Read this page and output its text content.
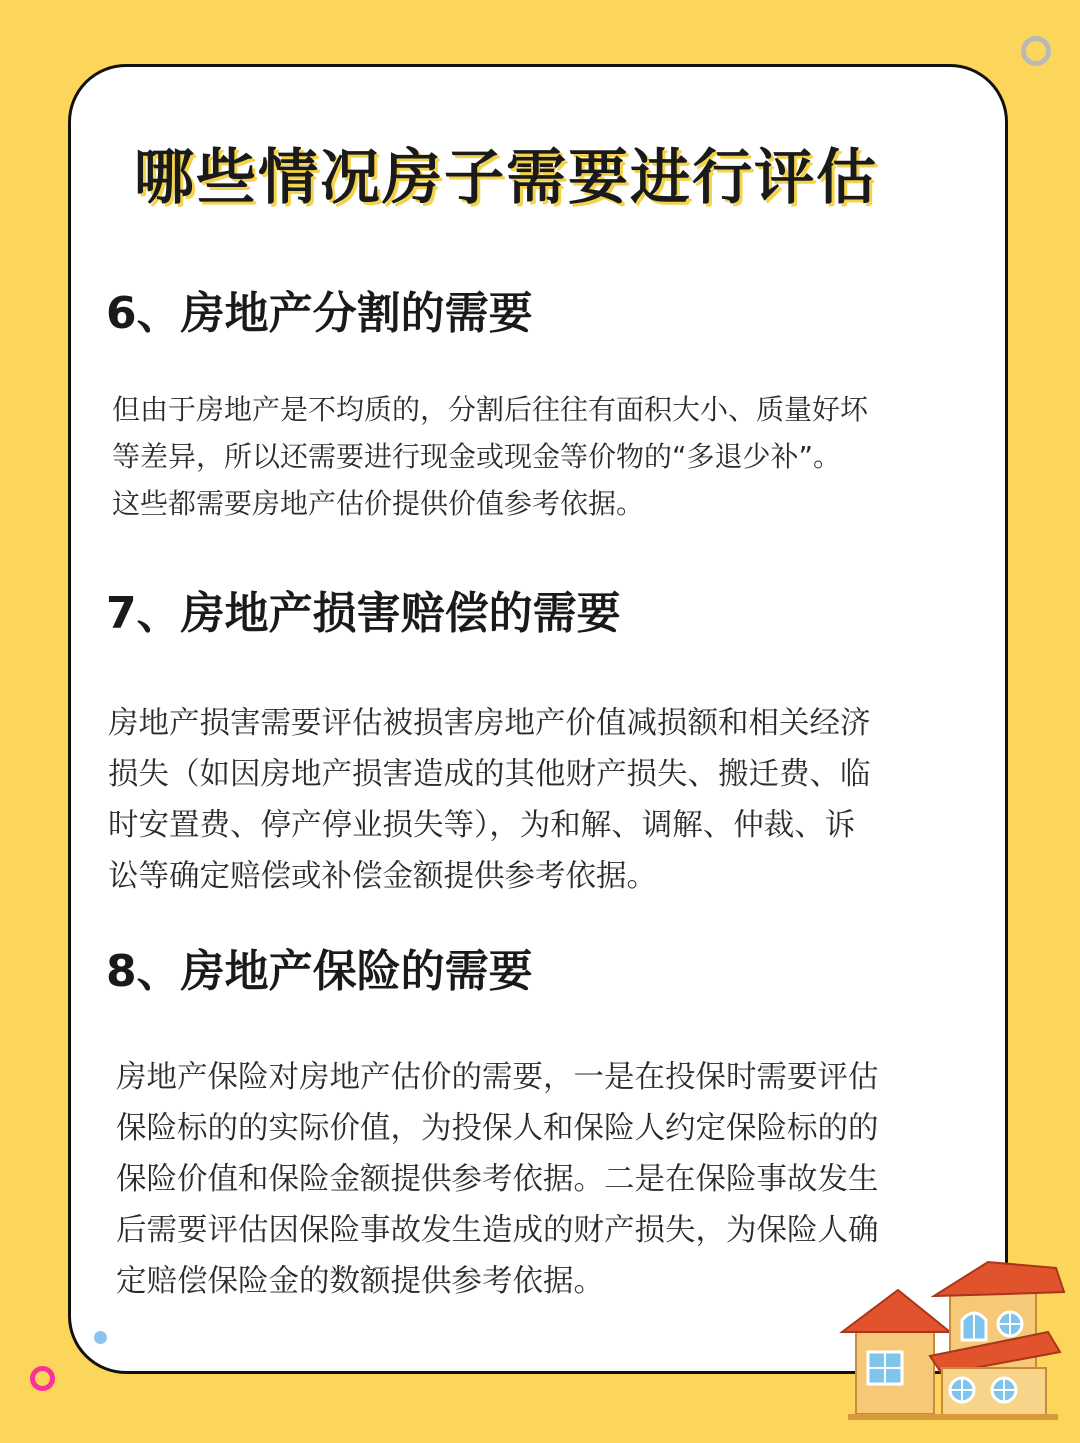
哪些情况房子需要进行评估
6、房地产分割的需要

但由于房地产是不均质的，分割后往往有面积大小、质量好坏
等差异，所以还需要进行现金或现金等价物的“多退少补”。
这些都需要房地产估价提供价值参考依据。

7、房地产损害赔偿的需要

房地产损害需要评估被损害房地产价值减损额和相关经济
损失（如因房地产损害造成的其他财产损失、搬迁费、临
时安置费、停产停业损失等），为和解、调解、仲裁、诉
讼等确定赔偿或补偿金额提供参考依据。

8、房地产保险的需要

房地产保险对房地产估价的需要，一是在投保时需要评估
保险标的的实际价值，为投保人和保险人约定保险标的的
保险价值和保险金额提供参考依据。二是在保险事故发生
后需要评估因保险事故发生造成的财产损失，为保险人确
定赔偿保险金的数额提供参考依据。
